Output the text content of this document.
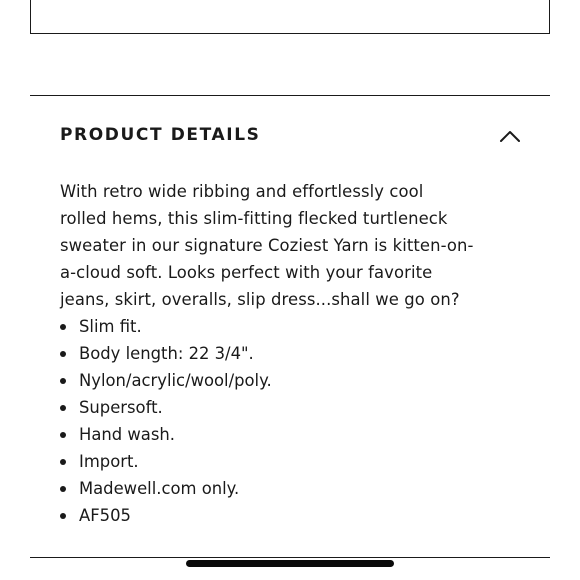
PRODUCT DETAILS

With retro wide ribbing and effortlessly cool
rolled hems, this slim-fitting flecked turtleneck
sweater in our signature Coziest Yarn is kitten-on-
a-cloud soft. Looks perfect with your favorite
jeans, skirt, overalls, slip dress...shall we go on?

Slim fit.
Body length: 22 3/4".
Nylon/acrylic/wool/poly.
Supersoft.
Hand wash.
Import.
Madewell.com only.
AF505
